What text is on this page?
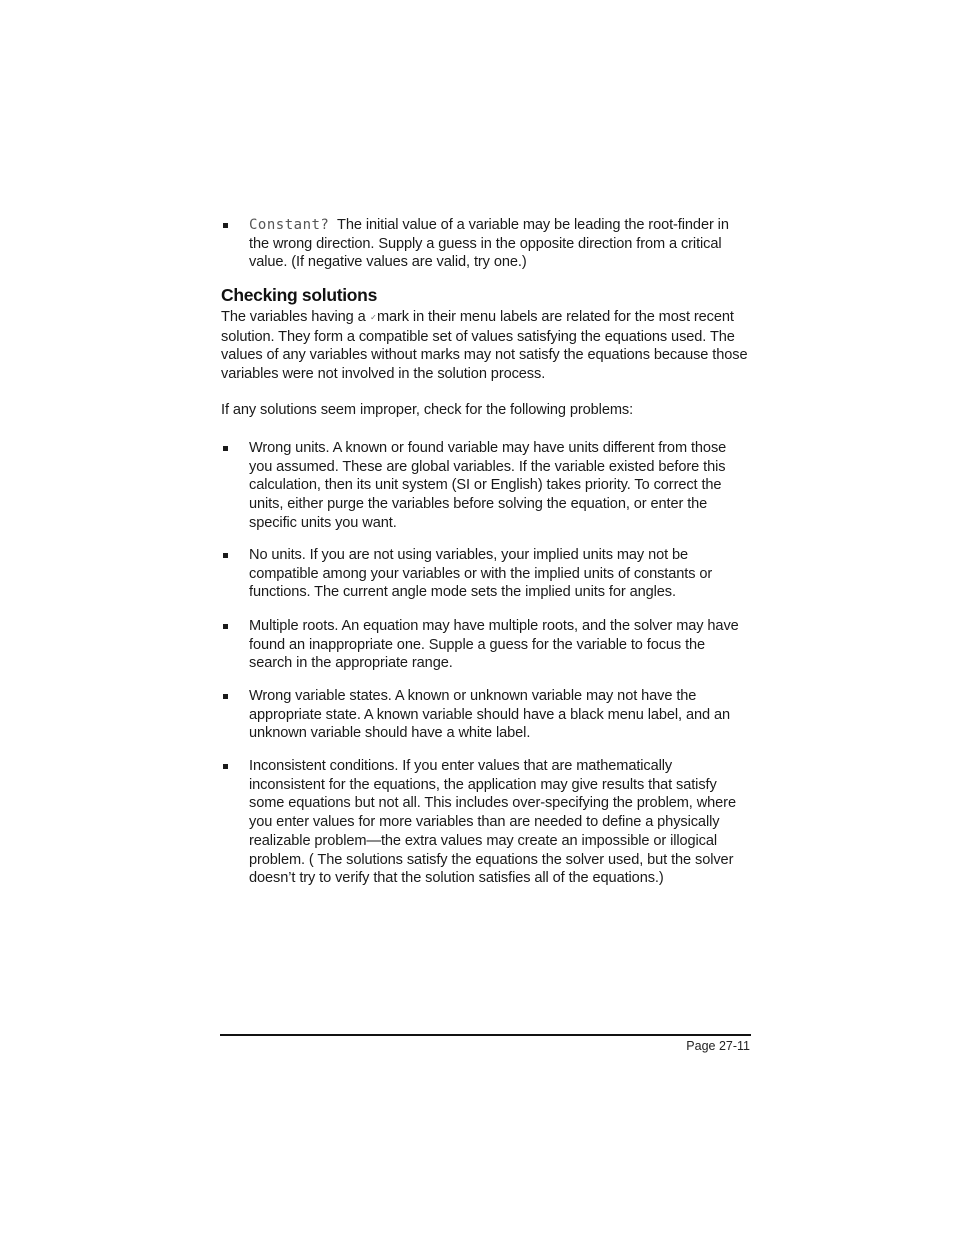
Constant? The initial value of a variable may be leading the root-finder in the wrong direction. Supply a guess in the opposite direction from a critical value. (If negative values are valid, try one.)
Checking solutions
The variables having a ✓mark in their menu labels are related for the most recent solution. They form a compatible set of values satisfying the equations used. The values of any variables without marks may not satisfy the equations because those variables were not involved in the solution process.
If any solutions seem improper, check for the following problems:
Wrong units. A known or found variable may have units different from those you assumed. These are global variables. If the variable existed before this calculation, then its unit system (SI or English) takes priority. To correct the units, either purge the variables before solving the equation, or enter the specific units you want.
No units. If you are not using variables, your implied units may not be compatible among your variables or with the implied units of constants or functions. The current angle mode sets the implied units for angles.
Multiple roots. An equation may have multiple roots, and the solver may have found an inappropriate one. Supple a guess for the variable to focus the search in the appropriate range.
Wrong variable states. A known or unknown variable may not have the appropriate state. A known variable should have a black menu label, and an unknown variable should have a white label.
Inconsistent conditions. If you enter values that are mathematically inconsistent for the equations, the application may give results that satisfy some equations but not all. This includes over-specifying the problem, where you enter values for more variables than are needed to define a physically realizable problem—the extra values may create an impossible or illogical problem. ( The solutions satisfy the equations the solver used, but the solver doesn’t try to verify that the solution satisfies all of the equations.)
Page 27-11
